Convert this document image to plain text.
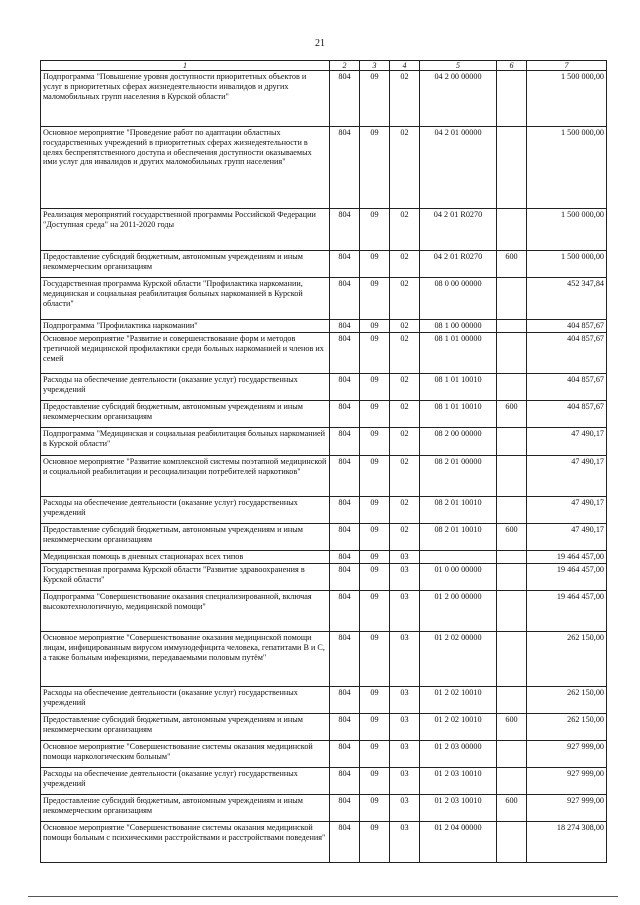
21
1	2	3	4	5	6	7
Подпрограмма "Повышение уровня доступности приоритетных объектов и услуг в приоритетных сферах жизнедеятельности инвалидов и других маломобильных групп населения в Курской области"	804	09	02	04 2 00 00000		1 500 000,00
Основное мероприятие "Проведение работ по адаптации областных государственных учреждений в приоритетных сферах жизнедеятельности в целях беспрепятственного доступа и обеспечения доступности оказываемых ими услуг для инвалидов и других маломобильных групп населения"	804	09	02	04 2 01 00000		1 500 000,00
Реализация мероприятий государственной программы Российской Федерации "Доступная среда" на 2011-2020 годы	804	09	02	04 2 01 R0270		1 500 000,00
Предоставление субсидий бюджетным, автономным учреждениям и иным некоммерческим организациям	804	09	02	04 2 01 R0270	600	1 500 000,00
Государственная программа Курской области "Профилактика наркомании, медицинская и социальная реабилитация больных наркоманией в Курской области"	804	09	02	08 0 00 00000		452 347,84
Подпрограмма "Профилактика наркомании"	804	09	02	08 1 00 00000		404 857,67
Основное мероприятие "Развитие и совершенствование форм и методов третичной медицинской профилактики среди больных наркоманией и членов их семей	804	09	02	08 1 01 00000		404 857,67
Расходы на обеспечение деятельности (оказание услуг) государственных учреждений	804	09	02	08 1 01 10010		404 857,67
Предоставление субсидий бюджетным, автономным учреждениям и иным некоммерческим организациям	804	09	02	08 1 01 10010	600	404 857,67
Подпрограмма "Медицинская и социальная реабилитация больных наркоманией в Курской области"	804	09	02	08 2 00 00000		47 490,17
Основное мероприятие "Развитие комплексной системы поэтапной медицинской и социальной реабилитации и ресоциализации потребителей наркотиков"	804	09	02	08 2 01 00000		47 490,17
Расходы на обеспечение деятельности (оказание услуг) государственных учреждений	804	09	02	08 2 01 10010		47 490,17
Предоставление субсидий бюджетным, автономным учреждениям и иным некоммерческим организациям	804	09	02	08 2 01 10010	600	47 490,17
Медицинская помощь в дневных стационарах всех типов	804	09	03			19 464 457,00
Государственная программа Курской области "Развитие здравоохранения в Курской области"	804	09	03	01 0 00 00000		19 464 457,00
Подпрограмма "Совершенствование оказания специализированной, включая высокотехнологичную, медицинской помощи"	804	09	03	01 2 00 00000		19 464 457,00
Основное мероприятие "Совершенствование оказания медицинской помощи лицам, инфицированным вирусом иммунодефицита человека, гепатитами B и C, а также больным инфекциями, передаваемыми половым путём"	804	09	03	01 2 02 00000		262 150,00
Расходы на обеспечение деятельности (оказание услуг) государственных учреждений	804	09	03	01 2 02 10010		262 150,00
Предоставление субсидий бюджетным, автономным учреждениям и иным некоммерческим организациям	804	09	03	01 2 02 10010	600	262 150,00
Основное мероприятие "Совершенствование системы оказания медицинской помощи наркологическим больным"	804	09	03	01 2 03 00000		927 999,00
Расходы на обеспечение деятельности (оказание услуг) государственных учреждений	804	09	03	01 2 03 10010		927 999,00
Предоставление субсидий бюджетным, автономным учреждениям и иным некоммерческим организациям	804	09	03	01 2 03 10010	600	927 999,00
Основное мероприятие "Совершенствование системы оказания медицинской помощи больным с психическими расстройствами и расстройствами поведения"	804	09	03	01 2 04 00000		18 274 308,00
